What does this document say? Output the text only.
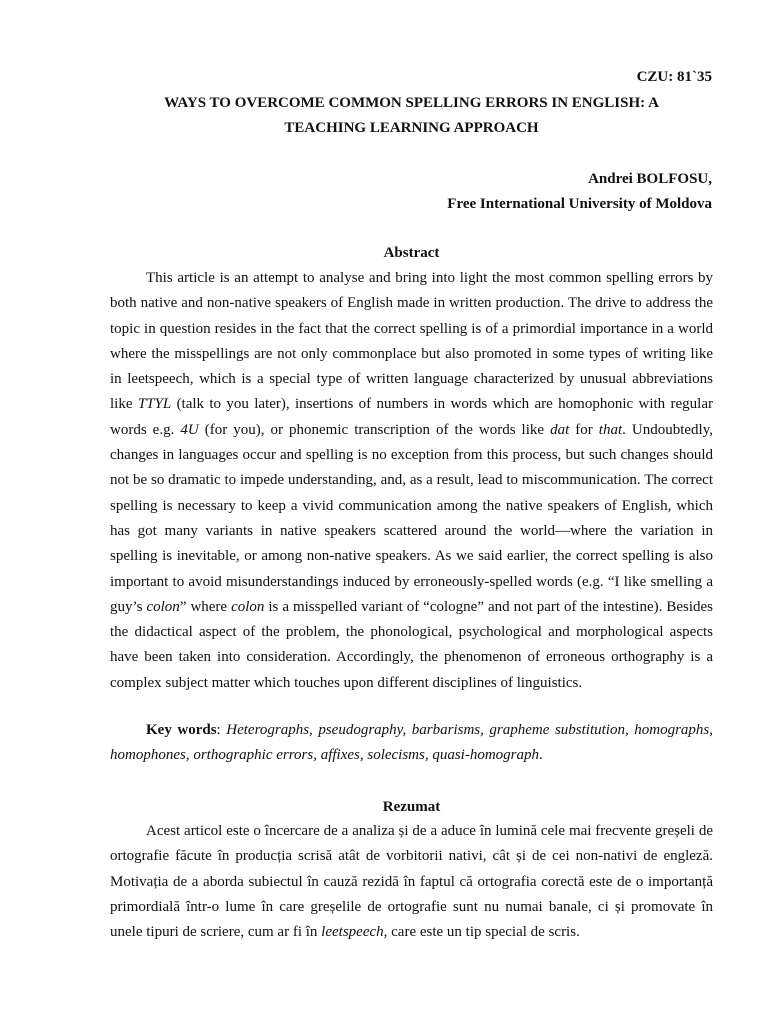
CZU: 81`35
WAYS TO OVERCOME COMMON SPELLING ERRORS IN ENGLISH: A
TEACHING LEARNING APPROACH
Andrei BOLFOSU,
Free International University of Moldova
Abstract

This article is an attempt to analyse and bring into light the most common spelling errors by both native and non-native speakers of English made in written production. The drive to address the topic in question resides in the fact that the correct spelling is of a primordial importance in a world where the misspellings are not only commonplace but also promoted in some types of writing like in leetspeech, which is a special type of written language characterized by unusual abbreviations like TTYL (talk to you later), insertions of numbers in words which are homophonic with regular words e.g. 4U (for you), or phonemic transcription of the words like dat for that. Undoubtedly, changes in languages occur and spelling is no exception from this process, but such changes should not be so dramatic to impede understanding, and, as a result, lead to miscommunication. The correct spelling is necessary to keep a vivid communication among the native speakers of English, which has got many variants in native speakers scattered around the world—where the variation in spelling is inevitable, or among non-native speakers. As we said earlier, the correct spelling is also important to avoid misunderstandings induced by erroneously-spelled words (e.g. “I like smelling a guy’s colon” where colon is a misspelled variant of “cologne” and not part of the intestine). Besides the didactical aspect of the problem, the phonological, psychological and morphological aspects have been taken into consideration. Accordingly, the phenomenon of erroneous orthography is a complex subject matter which touches upon different disciplines of linguistics.

Key words: Heterographs, pseudography, barbarisms, grapheme substitution, homographs, homophones, orthographic errors, affixes, solecisms, quasi-homograph.

Rezumat

Acest articol este o încercare de a analiza și de a aduce în lumină cele mai frecvente greșeli de ortografie făcute în producția scrisă atât de vorbitorii nativi, cât și de cei non-nativi de engleză. Motivația de a aborda subiectul în cauză rezidă în faptul că ortografia corectă este de o importanță primordială într-o lume în care greșelile de ortografie sunt nu numai banale, ci și promovate în unele tipuri de scriere, cum ar fi în leetspeech, care este un tip special de scris.
